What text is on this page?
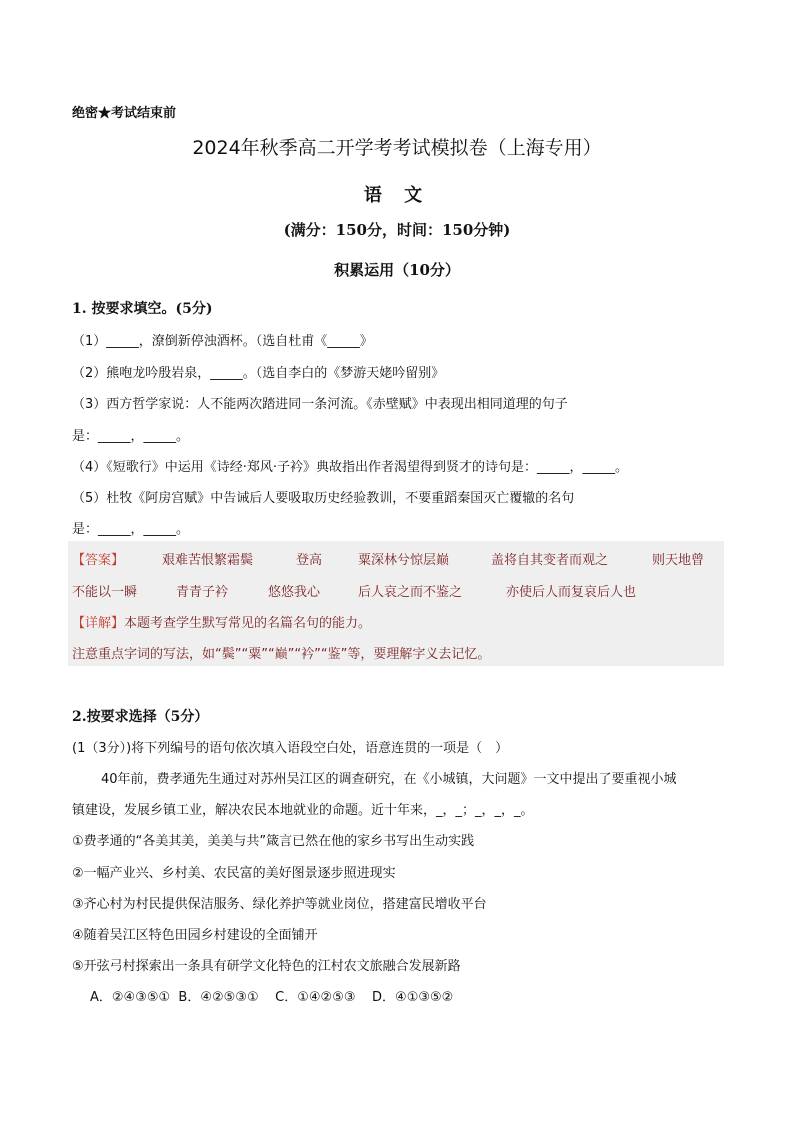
绝密★考试结束前
2024年秋季高二开学考考试模拟卷（上海专用）
语 文
(满分：150分，时间：150分钟)
积累运用（10分）
1. 按要求填空。(5分)
（1）_____，潦倒新停浊酒杯。（选自杜甫《_____》
（2）熊咆龙吟殷岩泉，_____。（选自李白的《梦游天姥吟留别》
（3）西方哲学家说：人不能两次踏进同一条河流。《赤壁赋》中表现出相同道理的句子
是：_____，_____。
（4）《短歌行》中运用《诗经·郑风·子衿》典故指出作者渴望得到贤才的诗句是：_____，_____。
（5）杜牧《阿房宫赋》中告诫后人要吸取历史经验教训，不要重蹈秦国灭亡覆辙的名句
是：_____，_____。
【答案】	艰难苦恨繁霜鬓	登高	粟深林兮惊层巅	盖将自其变者而观之	则天地曾
不能以一瞬	青青子衿	悠悠我心	后人哀之而不鉴之	亦使后人而复哀后人也
【详解】本题考查学生默写常见的名篇名句的能力。
注意重点字词的写法，如“鬓”“粟”“巅”“衿”“鉴”等，要理解字义去记忆。
2.按要求选择（5分）
(1（3分）)将下列编号的语句依次填入语段空白处，语意连贯的一项是（　）
40年前，费孝通先生通过对苏州吴江区的调查研究，在《小城镇，大问题》一文中提出了要重视小城
镇建设，发展乡镇工业，解决农民本地就业的命题。近十年来，_，_；_，_，_。
①费孝通的“各美其美，美美与共”箴言已然在他的家乡书写出生动实践
②一幅产业兴、乡村美、农民富的美好图景逐步照进现实
③齐心村为村民提供保洁服务、绿化养护等就业岗位，搭建富民增收平台
④随着吴江区特色田园乡村建设的全面铺开
⑤开弦弓村探索出一条具有研学文化特色的江村农文旅融合发展新路
A．②④③⑤①  B．④②⑤③①    C．①④②⑤③    D．④①③⑤②
